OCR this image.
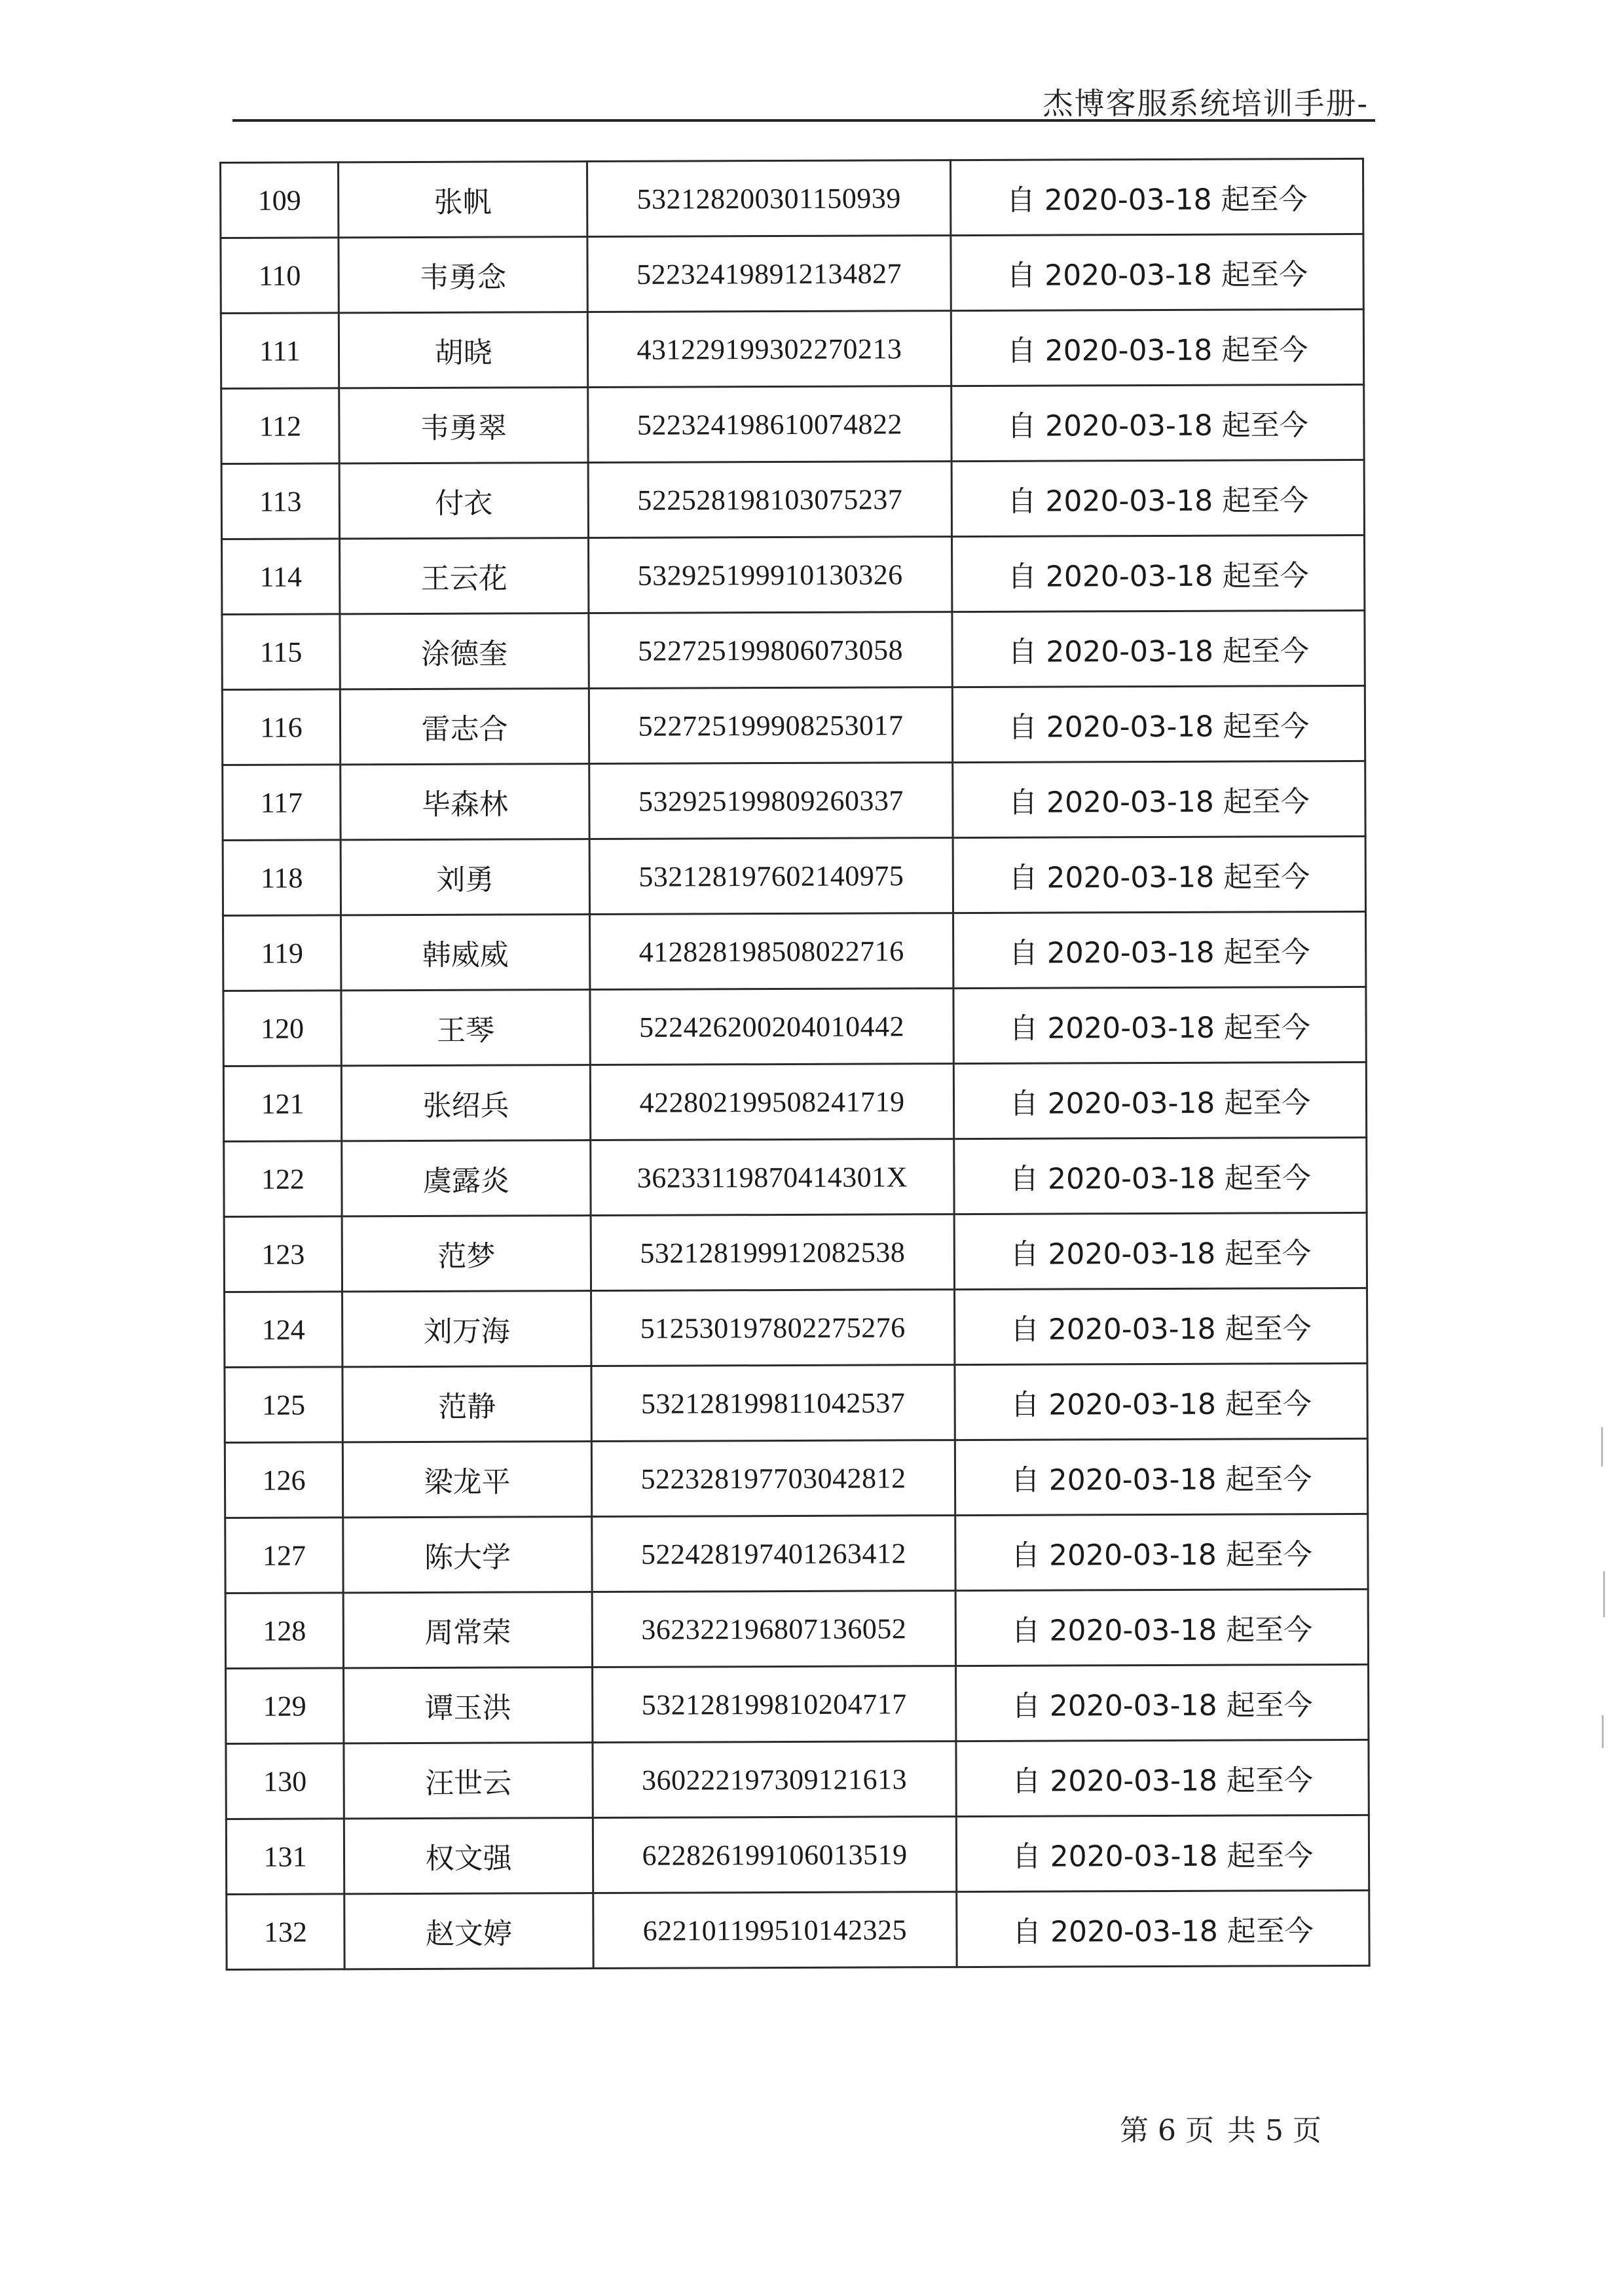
杰博客服系统培训手册-
109	张帆	532128200301150939	自 2020-03-18 起至今
110	韦勇念	522324198912134827	自 2020-03-18 起至今
111	胡晓	431229199302270213	自 2020-03-18 起至今
112	韦勇翠	522324198610074822	自 2020-03-18 起至今
113	付衣	522528198103075237	自 2020-03-18 起至今
114	王云花	532925199910130326	自 2020-03-18 起至今
115	涂德奎	522725199806073058	自 2020-03-18 起至今
116	雷志合	522725199908253017	自 2020-03-18 起至今
117	毕森林	532925199809260337	自 2020-03-18 起至今
118	刘勇	532128197602140975	自 2020-03-18 起至今
119	韩威威	412828198508022716	自 2020-03-18 起至今
120	王琴	522426200204010442	自 2020-03-18 起至今
121	张绍兵	422802199508241719	自 2020-03-18 起至今
122	虞露炎	36233119870414301X	自 2020-03-18 起至今
123	范梦	532128199912082538	自 2020-03-18 起至今
124	刘万海	512530197802275276	自 2020-03-18 起至今
125	范静	532128199811042537	自 2020-03-18 起至今
126	梁龙平	522328197703042812	自 2020-03-18 起至今
127	陈大学	522428197401263412	自 2020-03-18 起至今
128	周常荣	362322196807136052	自 2020-03-18 起至今
129	谭玉洪	532128199810204717	自 2020-03-18 起至今
130	汪世云	360222197309121613	自 2020-03-18 起至今
131	权文强	622826199106013519	自 2020-03-18 起至今
132	赵文婷	622101199510142325	自 2020-03-18 起至今
第 6 页 共 5 页
